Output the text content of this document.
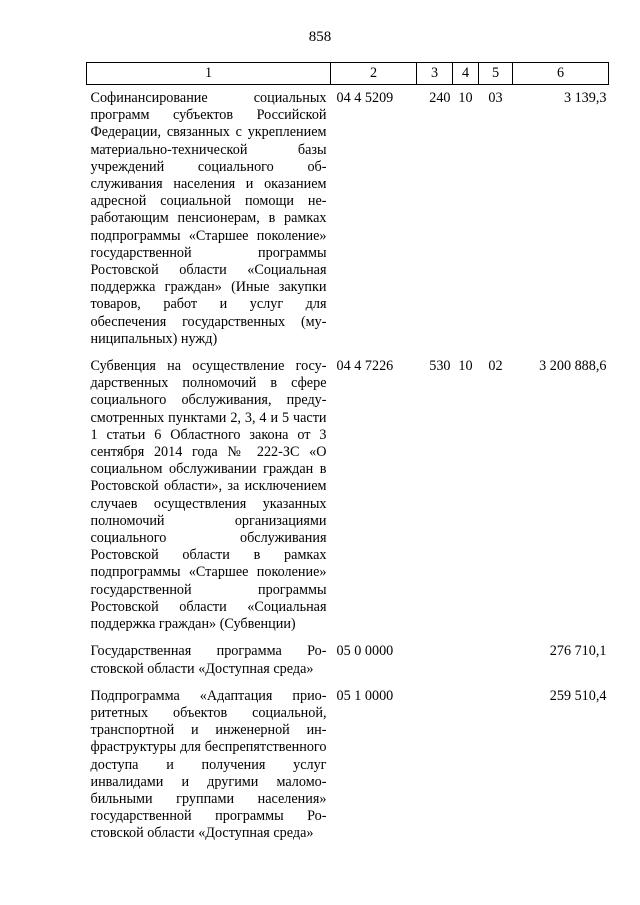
858
1	2	3	4	5	6
Софинансирование социальных программ субъектов Российской Федерации, связанных с укреплением материально-технической базы учреждений социального обслуживания населения и оказанием адресной социальной помощи неработающим пенсионерам, в рамках подпрограммы «Старшее поколение» государственной программы Ростовской области «Социальная поддержка граждан» (Иные закупки товаров, работ и услуг для обеспечения государственных (муниципальных) нужд)	04 4 5209	240	10	03	3 139,3
Субвенция на осуществление государственных полномочий в сфере социального обслуживания, предусмотренных пунктами 2, 3, 4 и 5 части 1 статьи 6 Областного закона от 3 сентября 2014 года № 222-ЗС «О социальном обслуживании граждан в Ростовской области», за исключением случаев осуществления указанных полномочий организациями социального обслуживания Ростовской области в рамках подпрограммы «Старшее поколение» государственной программы Ростовской области «Социальная поддержка граждан» (Субвенции)	04 4 7226	530	10	02	3 200 888,6
Государственная программа Ростовской области «Доступная среда»	05 0 0000				276 710,1
Подпрограмма «Адаптация приоритетных объектов социальной, транспортной и инженерной инфраструктуры для беспрепятственного доступа и получения услуг инвалидами и другими маломобильными группами населения» государственной программы Ростовской области «Доступная среда»	05 1 0000				259 510,4
